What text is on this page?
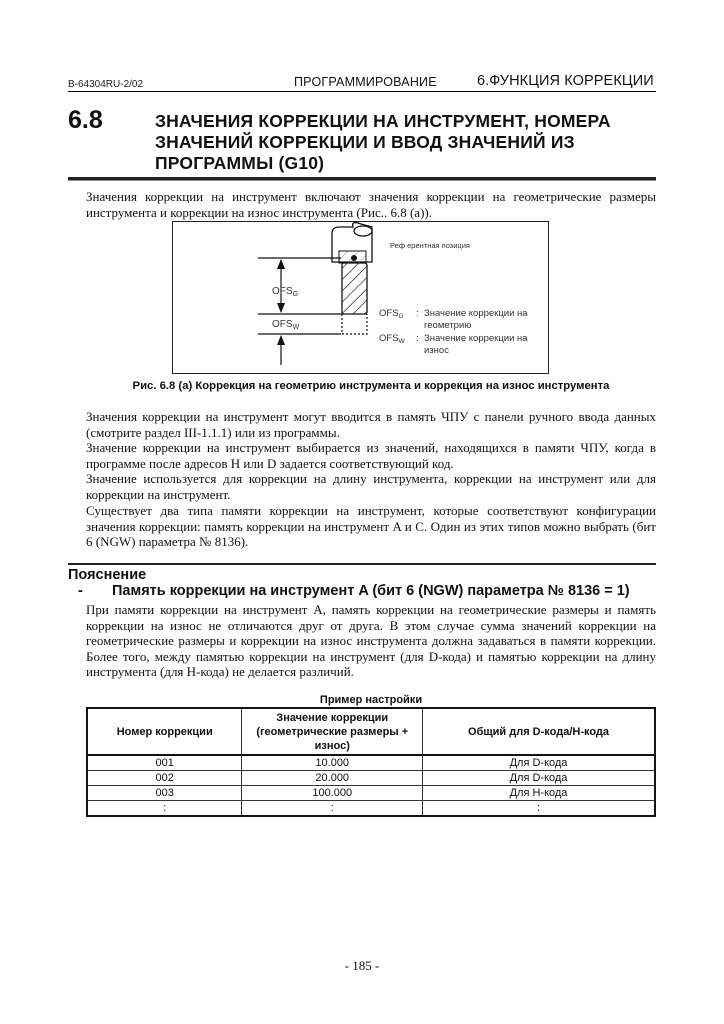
B-64304RU-2/02	ПРОГРАММИРОВАНИЕ	6.ФУНКЦИЯ КОРРЕКЦИИ
6.8	ЗНАЧЕНИЯ КОРРЕКЦИИ НА ИНСТРУМЕНТ, НОМЕРА
ЗНАЧЕНИЙ КОРРЕКЦИИ И ВВОД ЗНАЧЕНИЙ ИЗ
ПРОГРАММЫ (G10)
Значения коррекции на инструмент включают значения коррекции на геометрические размеры инструмента и коррекции на износ инструмента (Рис.. 6.8 (a)).
$OFS_G$
$OFS_W$
Реф ерентная позиция
$OFS_G$ : Значение коррекции на
геометрию
$OFS_W$ : Значение коррекции на
износ
Рис. 6.8 (a) Коррекция на геометрию инструмента и коррекция на износ инструмента
Значения коррекции на инструмент могут вводится в память ЧПУ с панели ручного ввода данных (смотрите раздел III-1.1.1) или из программы.
Значение коррекции на инструмент выбирается из значений, находящихся в памяти ЧПУ, когда в программе после адресов H или D задается соответствующий код.
Значение используется для коррекции на длину инструмента, коррекции на инструмент или для коррекции на инструмент.
Существует два типа памяти коррекции на инструмент, которые соответствуют конфигурации значения коррекции: память коррекции на инструмент A и C. Один из этих типов можно выбрать (бит 6 (NGW) параметра № 8136).
Пояснение
- Память коррекции на инструмент A (бит 6 (NGW) параметра № 8136 = 1)
При памяти коррекции на инструмент A, память коррекции на геометрические размеры и память коррекции на износ не отличаются друг от друга. В этом случае сумма значений коррекции на геометрические размеры и коррекции на износ инструмента должна задаваться в памяти коррекции. Более того, между памятью коррекции на инструмент (для D-кода) и памятью коррекции на длину инструмента (для H-кода) не делается различий.
Пример настройки
Номер коррекции	Значение коррекции (геометрические размеры + износ)	Общий для D-кода/H-кода
001	10.000	Для D-кода
002	20.000	Для D-кода
003	100.000	Для H-кода
:	:	:
- 185 -
